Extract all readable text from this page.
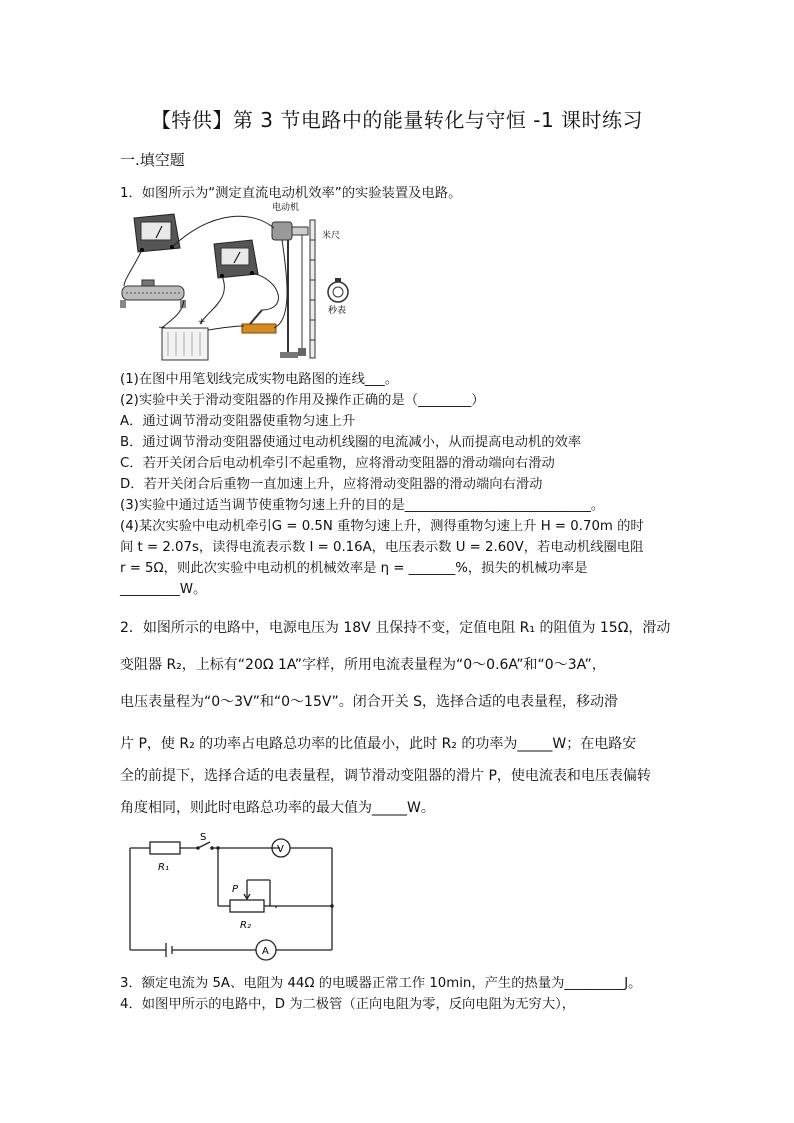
【特供】第 3 节电路中的能量转化与守恒 -1 课时练习
一.填空题
1．如图所示为“测定直流电动机效率”的实验装置及电路。
−
+
电动机
米尺
秒表
(1)在图中用笔划线完成实物电路图的连线___。
(2)实验中关于滑动变阻器的作用及操作正确的是（________）
A．通过调节滑动变阻器使重物匀速上升
B．通过调节滑动变阻器使通过电动机线圈的电流减小，从而提高电动机的效率
C．若开关闭合后电动机牵引不起重物，应将滑动变阻器的滑动端向右滑动
D．若开关闭合后重物一直加速上升，应将滑动变阻器的滑动端向右滑动
(3)实验中通过适当调节使重物匀速上升的目的是____________________________。
(4)某次实验中电动机牵引G = 0.5N 重物匀速上升，测得重物匀速上升 H = 0.70m 的时
间 t = 2.07s，读得电流表示数 I = 0.16A，电压表示数 U = 2.60V，若电动机线圈电阻
r = 5Ω，则此次实验中电动机的机械效率是 η = _______%，损失的机械功率是
_________W。
2．如图所示的电路中，电源电压为 18V 且保持不变，定值电阻 R₁ 的阻值为 15Ω，滑动
变阻器 R₂，上标有“20Ω 1A”字样，所用电流表量程为“0～0.6A”和“0～3A”，
电压表量程为“0～3V”和“0～15V”。闭合开关 S，选择合适的电表量程，移动滑
片 P，使 R₂ 的功率占电路总功率的比值最小，此时 R₂ 的功率为_____W；在电路安
全的前提下，选择合适的电表量程，调节滑动变阻器的滑片 P，使电流表和电压表偏转
角度相同，则此时电路总功率的最大值为_____W。
S
V
R₁
P
R₂
A
3．额定电流为 5A、电阻为 44Ω 的电暖器正常工作 10min，产生的热量为_________J。
4．如图甲所示的电路中，D 为二极管（正向电阻为零，反向电阻为无穷大），
